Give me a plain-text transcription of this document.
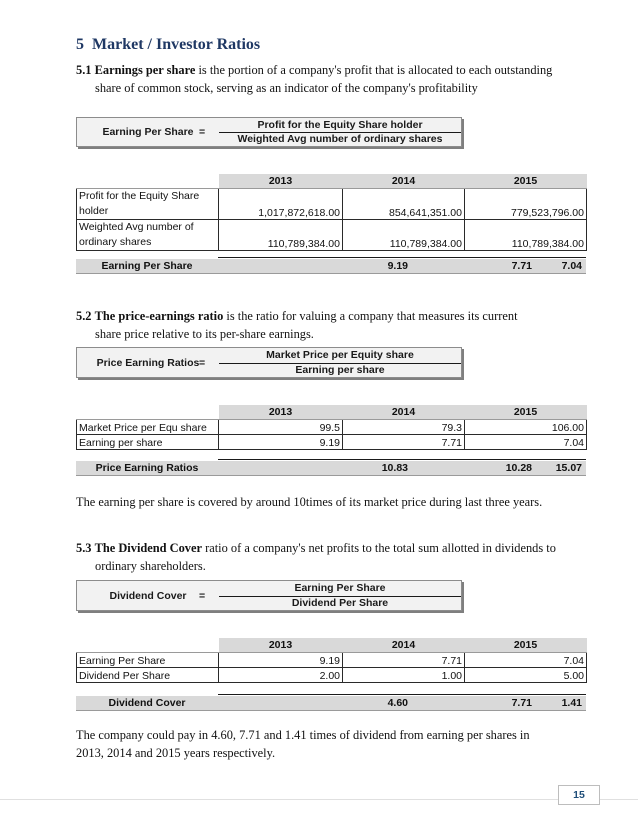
5 Market / Investor Ratios
5.1 Earnings per share is the portion of a company's profit that is allocated to each outstanding
share of common stock, serving as an indicator of the company's profitability
Earning Per Share =
Profit for the Equity Share holder
Weighted Avg number of ordinary shares
	2013	2014	2015
Profit for the Equity Share
holder	1,017,872,618.00	854,641,351.00	779,523,796.00
Weighted Avg number of
ordinary shares	110,789,384.00	110,789,384.00	110,789,384.00
Earning Per Share	9.19	7.71	7.04
5.2 The price-earnings ratio is the ratio for valuing a company that measures its current
share price relative to its per-share earnings.
Price Earning Ratios =
Market Price per Equity share
Earning per share
	2013	2014	2015
Market Price per Equ share	99.5	79.3	106.00
Earning per share	9.19	7.71	7.04
Price Earning Ratios	10.83	10.28	15.07
The earning per share is covered by around 10times of its market price during last three years.
5.3 The Dividend Cover ratio of a company's net profits to the total sum allotted in dividends to
ordinary shareholders.
Dividend Cover	=
Earning Per Share
Dividend Per Share
	2013	2014	2015
Earning Per Share	9.19	7.71	7.04
Dividend Per Share	2.00	1.00	5.00
Dividend Cover	4.60	7.71	1.41
The company could pay in 4.60, 7.71 and 1.41 times of dividend from earning per shares in
2013, 2014 and 2015 years respectively.
15
